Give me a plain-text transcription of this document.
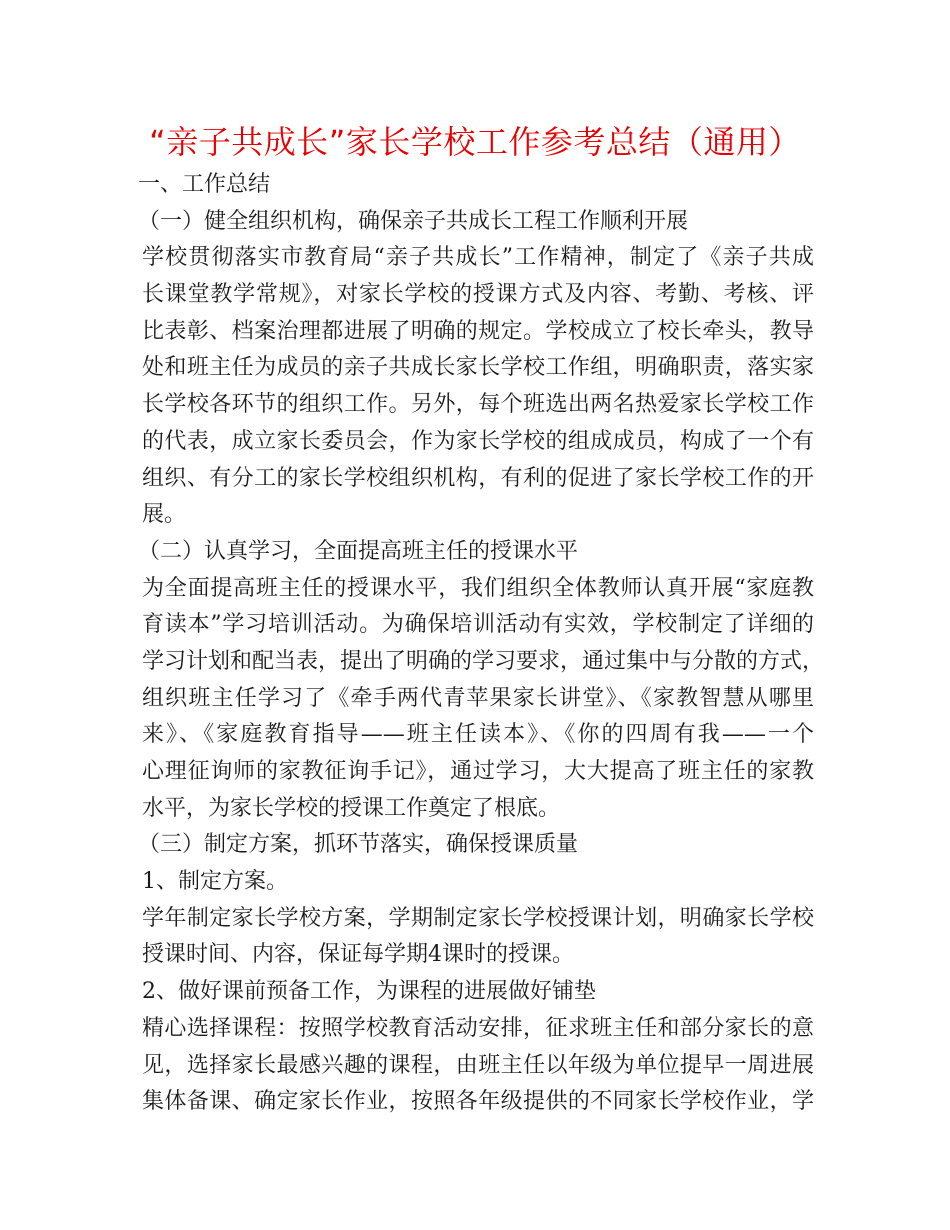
“亲子共成长”家长学校工作参考总结（通用）
一、工作总结
（一）健全组织机构，确保亲子共成长工程工作顺利开展
学校贯彻落实市教育局“亲子共成长”工作精神，制定了《亲子共成
长课堂教学常规》，对家长学校的授课方式及内容、考勤、考核、评
比表彰、档案治理都进展了明确的规定。学校成立了校长牵头，教导
处和班主任为成员的亲子共成长家长学校工作组，明确职责，落实家
长学校各环节的组织工作。另外，每个班选出两名热爱家长学校工作
的代表，成立家长委员会，作为家长学校的组成成员，构成了一个有
组织、有分工的家长学校组织机构，有利的促进了家长学校工作的开
展。
（二）认真学习，全面提高班主任的授课水平
为全面提高班主任的授课水平，我们组织全体教师认真开展“家庭教
育读本”学习培训活动。为确保培训活动有实效，学校制定了详细的
学习计划和配当表，提出了明确的学习要求，通过集中与分散的方式，
组织班主任学习了《牵手两代青苹果家长讲堂》、《家教智慧从哪里
来》、《家庭教育指导——班主任读本》、《你的四周有我——一个
心理征询师的家教征询手记》，通过学习，大大提高了班主任的家教
水平，为家长学校的授课工作奠定了根底。
（三）制定方案，抓环节落实，确保授课质量
1、制定方案。
学年制定家长学校方案，学期制定家长学校授课计划，明确家长学校
授课时间、内容，保证每学期4课时的授课。
2、做好课前预备工作，为课程的进展做好铺垫
精心选择课程：按照学校教育活动安排，征求班主任和部分家长的意
见，选择家长最感兴趣的课程，由班主任以年级为单位提早一周进展
集体备课、确定家长作业，按照各年级提供的不同家长学校作业，学
